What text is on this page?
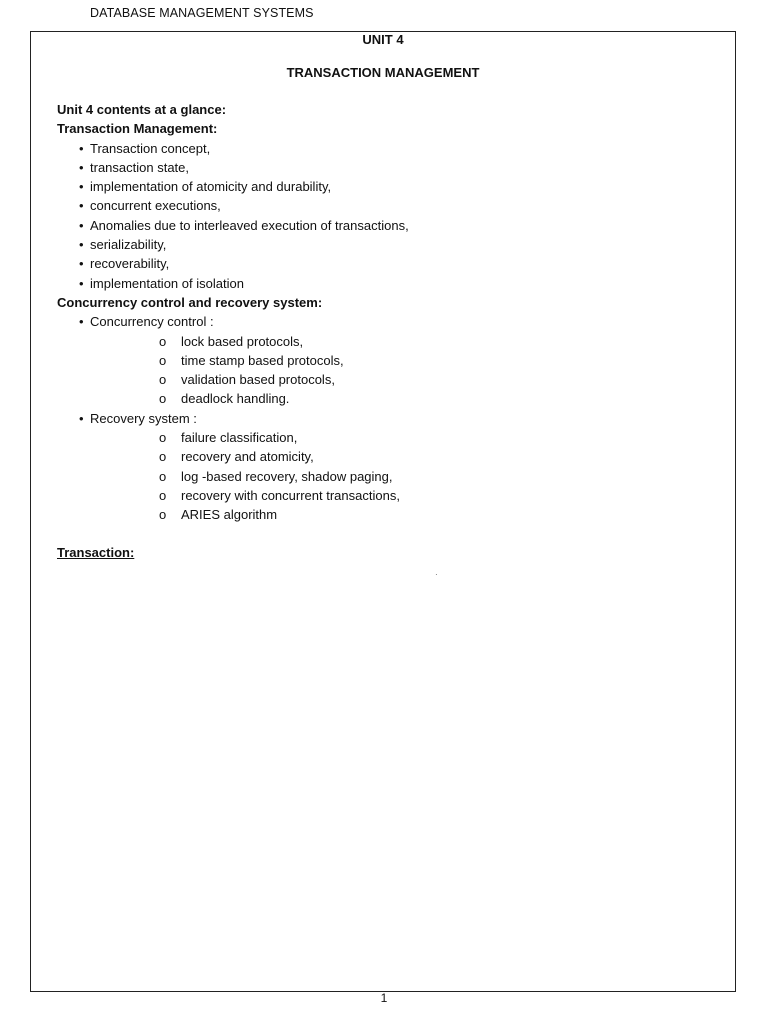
DATABASE MANAGEMENT SYSTEMS
UNIT 4
TRANSACTION MANAGEMENT
Unit 4 contents at a glance:
Transaction Management:
• Transaction concept,
• transaction state,
• implementation of atomicity and durability,
• concurrent executions,
• Anomalies due to interleaved execution of transactions,
• serializability,
• recoverability,
• implementation of isolation
Concurrency control and recovery system:
• Concurrency control :
o lock based protocols,
o time stamp based protocols,
o validation based protocols,
o deadlock handling.
• Recovery system :
o failure classification,
o recovery and atomicity,
o log -based recovery, shadow paging,
o recovery with concurrent transactions,
o ARIES algorithm
Transaction:
·
1
